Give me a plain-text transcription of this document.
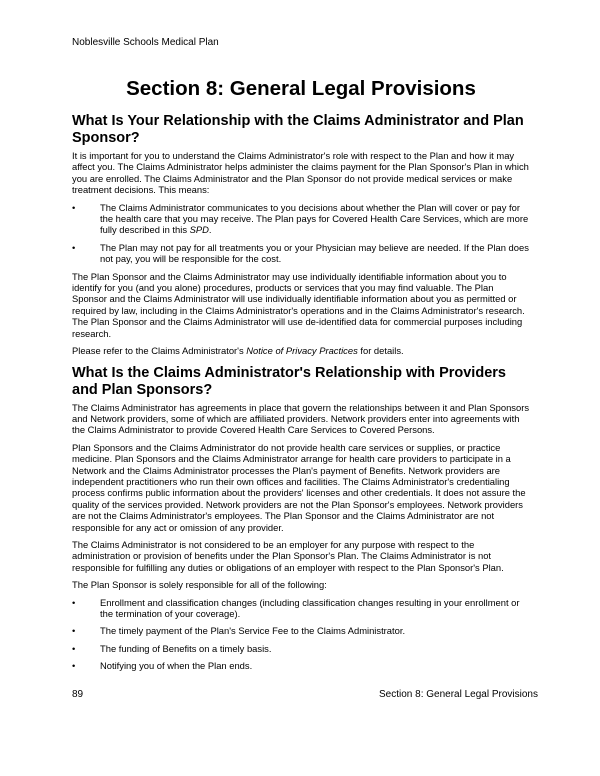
Noblesville Schools Medical Plan
Section 8: General Legal Provisions
What Is Your Relationship with the Claims Administrator and Plan Sponsor?

It is important for you to understand the Claims Administrator's role with respect to the Plan and how it may affect you. The Claims Administrator helps administer the claims payment for the Plan Sponsor's Plan in which you are enrolled. The Claims Administrator and the Plan Sponsor do not provide medical services or make treatment decisions. This means:

•	The Claims Administrator communicates to you decisions about whether the Plan will cover or pay for the health care that you may receive. The Plan pays for Covered Health Care Services, which are more fully described in this SPD.
•	The Plan may not pay for all treatments you or your Physician may believe are needed. If the Plan does not pay, you will be responsible for the cost.

The Plan Sponsor and the Claims Administrator may use individually identifiable information about you to identify for you (and you alone) procedures, products or services that you may find valuable. The Plan Sponsor and the Claims Administrator will use individually identifiable information about you as permitted or required by law, including in the Claims Administrator's operations and in the Claims Administrator's research. The Plan Sponsor and the Claims Administrator will use de-identified data for commercial purposes including research.

Please refer to the Claims Administrator's Notice of Privacy Practices for details.

What Is the Claims Administrator's Relationship with Providers and Plan Sponsors?

The Claims Administrator has agreements in place that govern the relationships between it and Plan Sponsors and Network providers, some of which are affiliated providers. Network providers enter into agreements with the Claims Administrator to provide Covered Health Care Services to Covered Persons.

Plan Sponsors and the Claims Administrator do not provide health care services or supplies, or practice medicine. Plan Sponsors and the Claims Administrator arrange for health care providers to participate in a Network and the Claims Administrator processes the Plan's payment of Benefits. Network providers are independent practitioners who run their own offices and facilities. The Claims Administrator's credentialing process confirms public information about the providers' licenses and other credentials. It does not assure the quality of the services provided. Network providers are not the Plan Sponsor's employees. Network providers are not the Claims Administrator's employees. The Plan Sponsor and the Claims Administrator are not responsible for any act or omission of any provider.

The Claims Administrator is not considered to be an employer for any purpose with respect to the administration or provision of benefits under the Plan Sponsor's Plan. The Claims Administrator is not responsible for fulfilling any duties or obligations of an employer with respect to the Plan Sponsor's Plan.

The Plan Sponsor is solely responsible for all of the following:

•	Enrollment and classification changes (including classification changes resulting in your enrollment or the termination of your coverage).
•	The timely payment of the Plan's Service Fee to the Claims Administrator.
•	The funding of Benefits on a timely basis.
•	Notifying you of when the Plan ends.
89	Section 8: General Legal Provisions
